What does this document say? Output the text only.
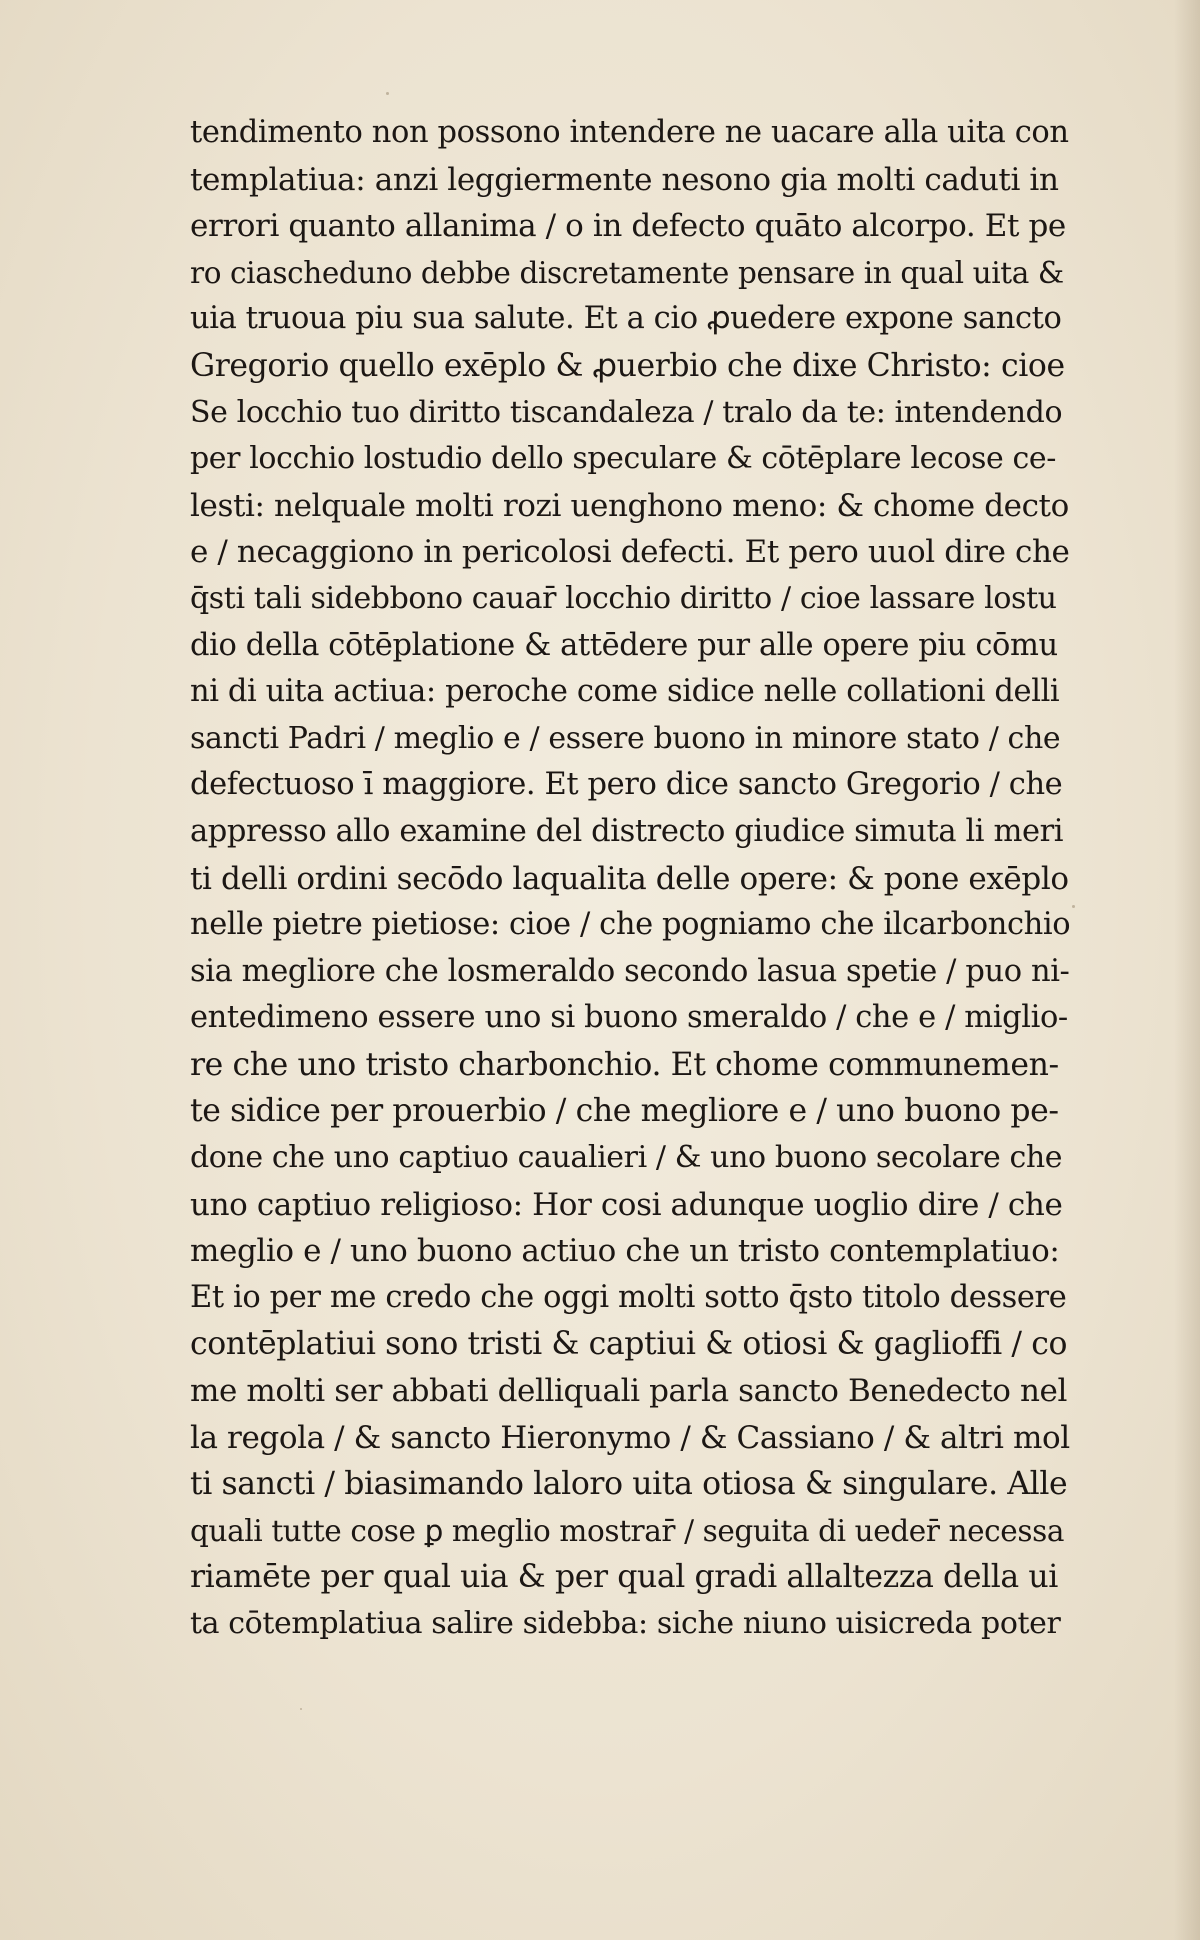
tendimento non possono intendere ne uacare alla uita con
templatiua: anzi leggiermente nesono gia molti caduti in
errori quanto allanima / o in defecto quāto alcorpo. Et pe
ro ciascheduno debbe discretamente pensare in qual uita &
uia truoua piu sua salute. Et a cio ꝓuedere expone sancto
Gregorio quello exēplo & ꝓuerbio che dixe Christo: cioe
Se locchio tuo diritto tiscandaleza / tralo da te: intendendo
per locchio lostudio dello speculare & cōtēplare lecose ce-
lesti: nelquale molti rozi uenghono meno: & chome decto
e / necaggiono in pericolosi defecti. Et pero uuol dire che
q̄sti tali sidebbono cauar̄ locchio diritto / cioe lassare lostu
dio della cōtēplatione & attēdere pur alle opere piu cōmu
ni di uita actiua: peroche come sidice nelle collationi delli
sancti Padri / meglio e / essere buono in minore stato / che
defectuoso ī maggiore. Et pero dice sancto Gregorio / che
appresso allo examine del distrecto giudice simuta li meri
ti delli ordini secōdo laqualita delle opere: & pone exēplo
nelle pietre pietiose: cioe / che pogniamo che ilcarbonchio
sia megliore che losmeraldo secondo lasua spetie / puo ni-
entedimeno essere uno si buono smeraldo / che e / miglio-
re che uno tristo charbonchio. Et chome communemen-
te sidice per prouerbio / che megliore e / uno buono pe-
done che uno captiuo caualieri / & uno buono secolare che
uno captiuo religioso: Hor cosi adunque uoglio dire / che
meglio e / uno buono actiuo che un tristo contemplatiuo:
Et io per me credo che oggi molti sotto q̄sto titolo dessere
contēplatiui sono tristi & captiui & otiosi & gaglioffi / co
me molti ser abbati delliquali parla sancto Benedecto nel
la regola / & sancto Hieronymo / & Cassiano / & altri mol
ti sancti / biasimando laloro uita otiosa & singulare. Alle
quali tutte cose ꝑ meglio mostrar̄ / seguita di ueder̄ necessa
riamēte per qual uia & per qual gradi allaltezza della ui
ta cōtemplatiua salire sidebba: siche niuno uisicreda poter
